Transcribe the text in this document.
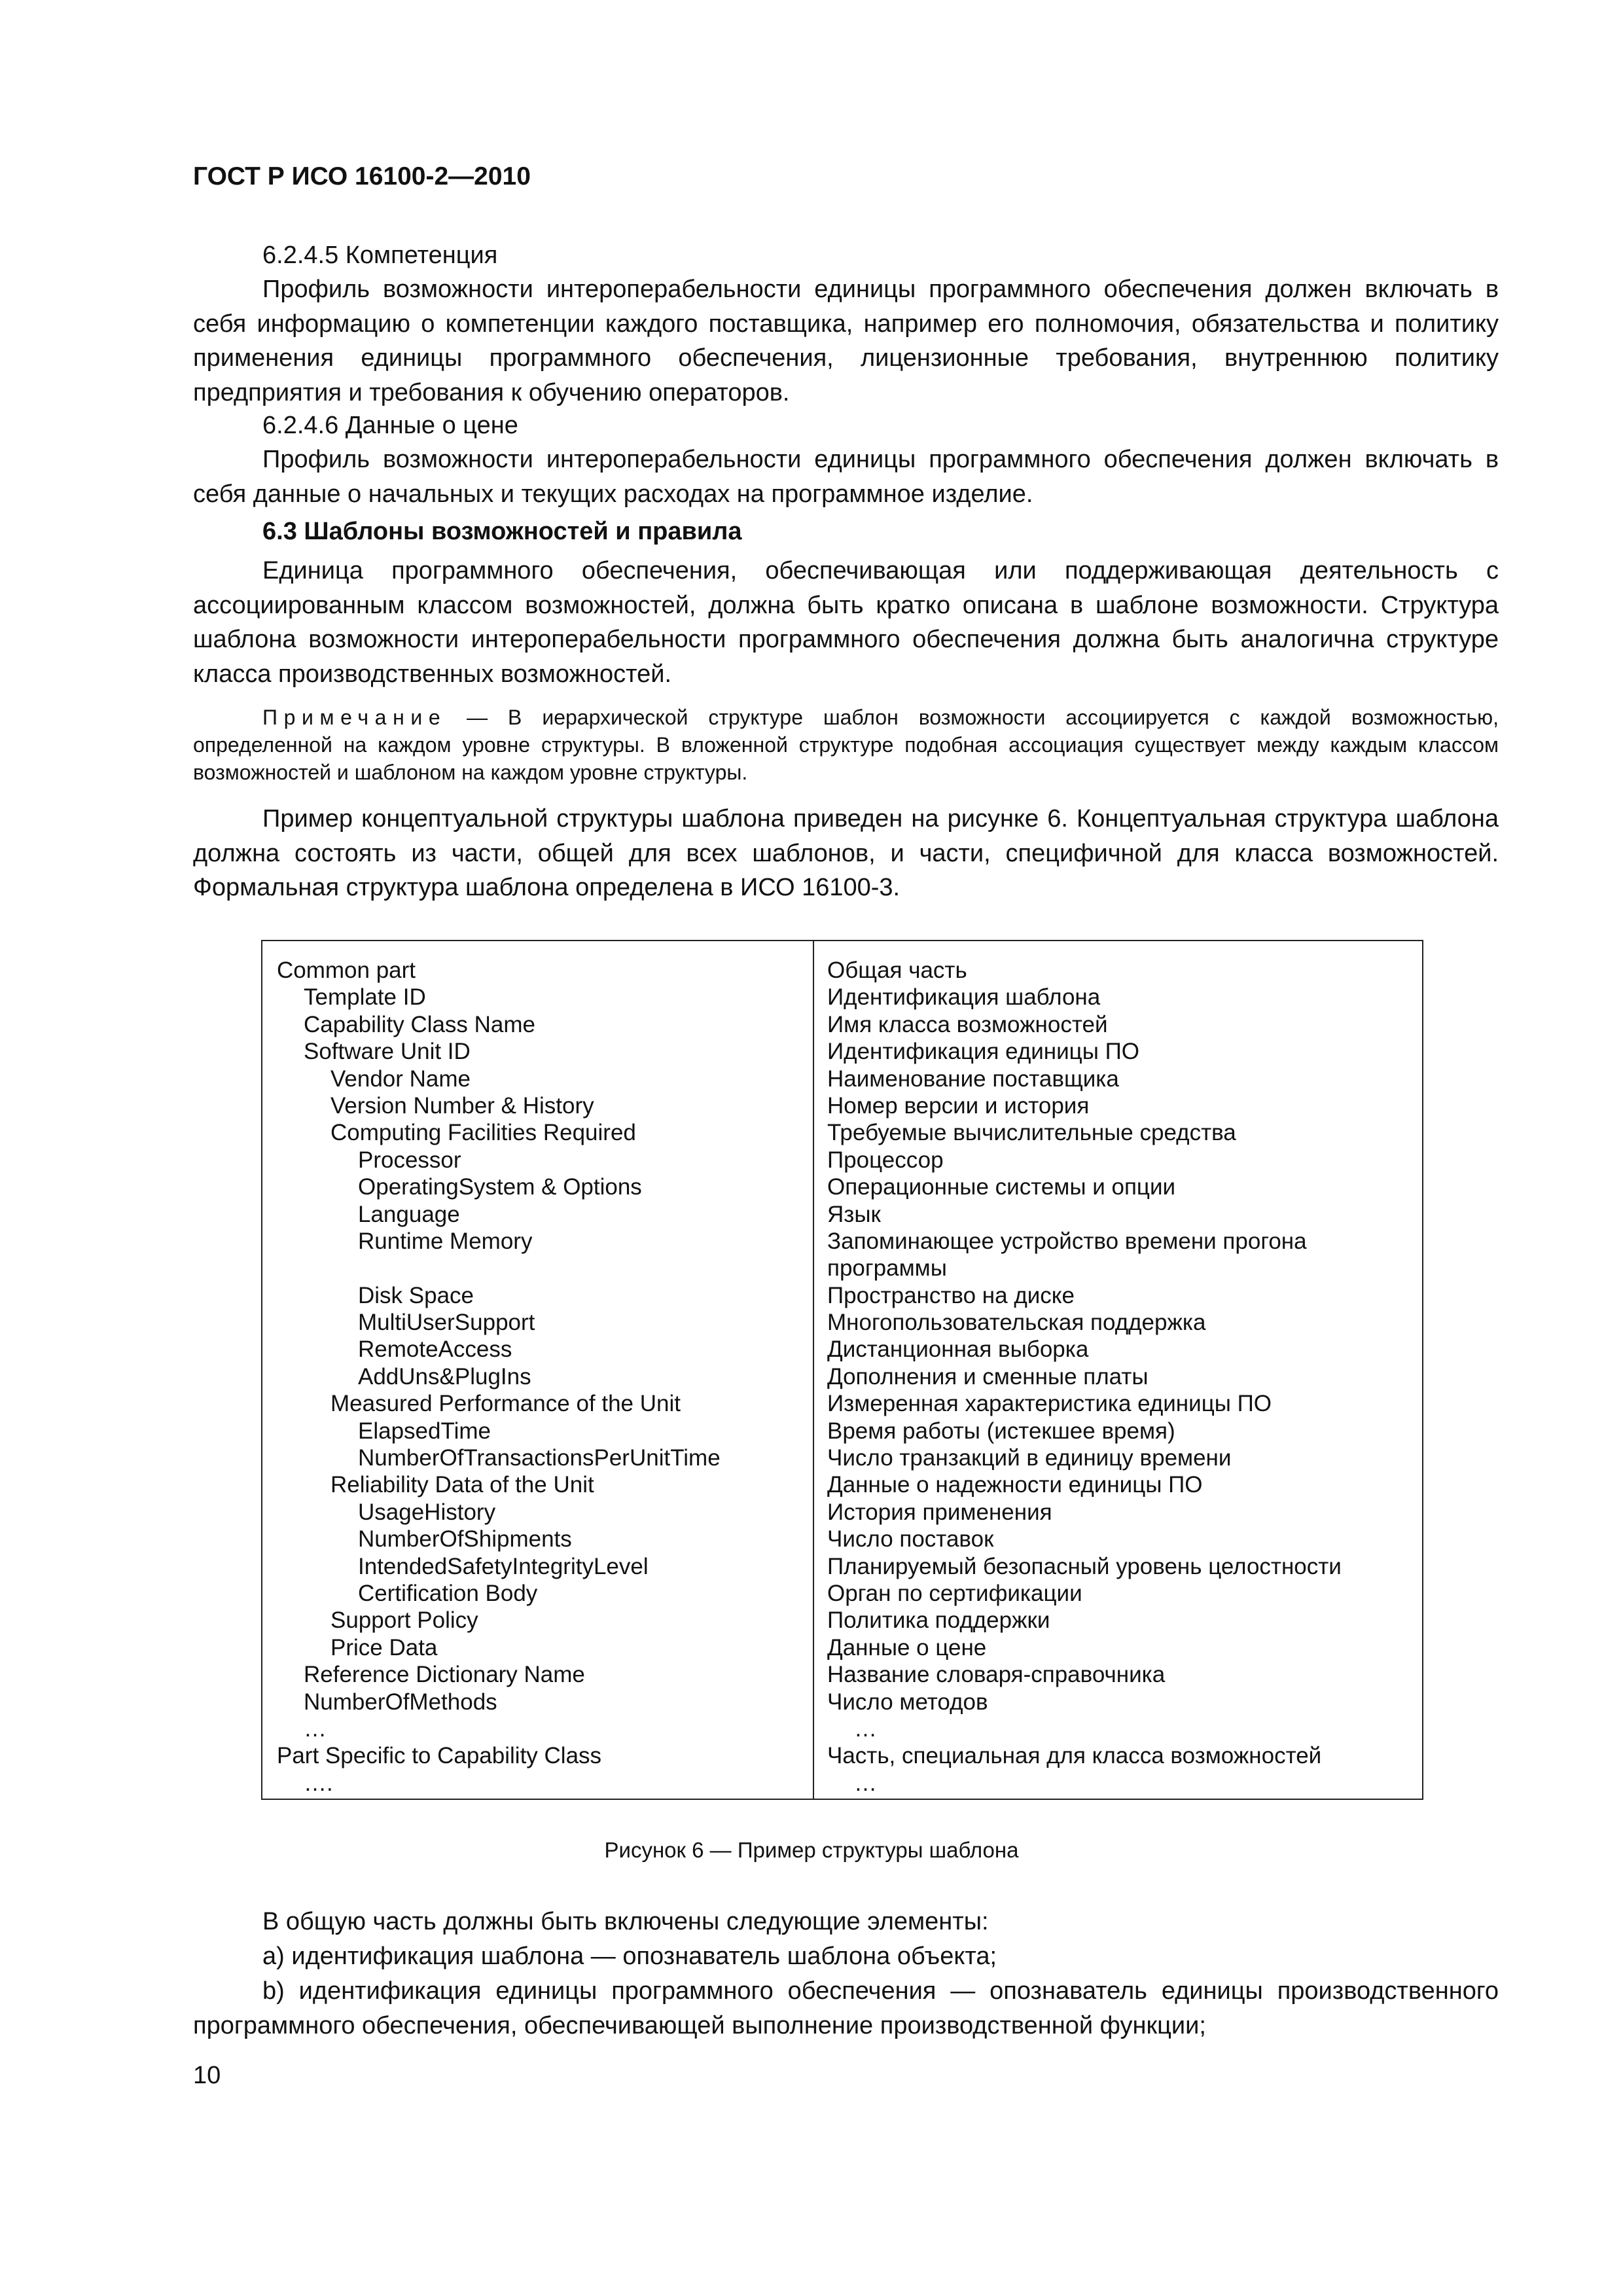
ГОСТ Р ИСО 16100-2—2010

6.2.4.5 Компетенция

Профиль возможности интероперабельности единицы программного обеспечения должен включать в себя информацию о компетенции каждого поставщика, например его полномочия, обязательства и политику применения единицы программного обеспечения, лицензионные требования, внутреннюю политику предприятия и требования к обучению операторов.

6.2.4.6 Данные о цене

Профиль возможности интероперабельности единицы программного обеспечения должен включать в себя данные о начальных и текущих расходах на программное изделие.

6.3 Шаблоны возможностей и правила

Единица программного обеспечения, обеспечивающая или поддерживающая деятельность с ассоциированным классом возможностей, должна быть кратко описана в шаблоне возможности. Структура шаблона возможности интероперабельности программного обеспечения должна быть аналогична структуре класса производственных возможностей.

Примечание — В иерархической структуре шаблон возможности ассоциируется с каждой возможностью, определенной на каждом уровне структуры. В вложенной структуре подобная ассоциация существует между каждым классом возможностей и шаблоном на каждом уровне структуры.

Пример концептуальной структуры шаблона приведен на рисунке 6. Концептуальная структура шаблона должна состоять из части, общей для всех шаблонов, и части, специфичной для класса возможностей. Формальная структура шаблона определена в ИСО 16100-3.

Common part
Template ID
Capability Class Name
Software Unit ID
Vendor Name
Version Number & History
Computing Facilities Required
Processor
OperatingSystem & Options
Language
Runtime Memory
Disk Space
MultiUserSupport
RemoteAccess
AddUns&PlugIns
Measured Performance of the Unit
ElapsedTime
NumberOfTransactionsPerUnitTime
Reliability Data of the Unit
UsageHistory
NumberOfShipments
IntendedSafetyIntegrityLevel
Certification Body
Support Policy
Price Data
Reference Dictionary Name
NumberOfMethods
…
Part Specific to Capability Class
….
Общая часть
Идентификация шаблона
Имя класса возможностей
Идентификация единицы ПО
Наименование поставщика
Номер версии и история
Требуемые вычислительные средства
Процессор
Операционные системы и опции
Язык
Запоминающее устройство времени прогона
программы
Пространство на диске
Многопользовательская поддержка
Дистанционная выборка
Дополнения и сменные платы
Измеренная характеристика единицы ПО
Время работы (истекшее время)
Число транзакций в единицу времени
Данные о надежности единицы ПО
История применения
Число поставок
Планируемый безопасный уровень целостности
Орган по сертификации
Политика поддержки
Данные о цене
Название словаря-справочника
Число методов
…
Часть, специальная для класса возможностей
…
Рисунок 6 — Пример структуры шаблона

В общую часть должны быть включены следующие элементы:

a) идентификация шаблона — опознаватель шаблона объекта;

b) идентификация единицы программного обеспечения — опознаватель единицы производственного программного обеспечения, обеспечивающей выполнение производственной функции;

10
